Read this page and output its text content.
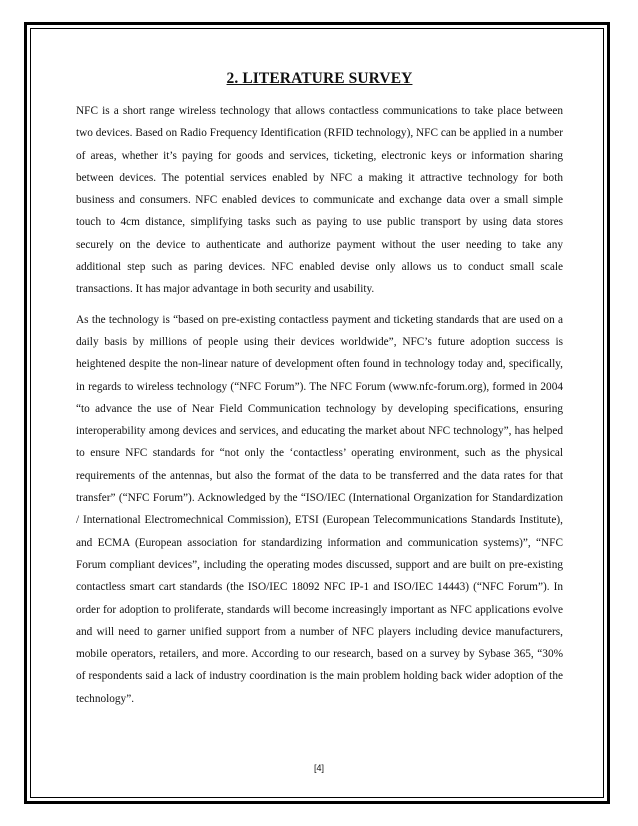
2. LITERATURE SURVEY

NFC is a short range wireless technology that allows contactless communications to take place between two devices. Based on Radio Frequency Identification (RFID technology), NFC can be applied in a number of areas, whether it’s paying for goods and services, ticketing, electronic keys or information sharing between devices. The potential services enabled by NFC a making it attractive technology for both business and consumers. NFC enabled devices to communicate and exchange data over a small simple touch to 4cm distance, simplifying tasks such as paying to use public transport by using data stores securely on the device to authenticate and authorize payment without the user needing to take any additional step such as paring devices. NFC enabled devise only allows us to conduct small scale transactions. It has major advantage in both security and usability.

As the technology is “based on pre-existing contactless payment and ticketing standards that are used on a daily basis by millions of people using their devices worldwide”, NFC’s future adoption success is heightened despite the non-linear nature of development often found in technology today and, specifically, in regards to wireless technology (“NFC Forum”). The NFC Forum (www.nfc-forum.org), formed in 2004 “to advance the use of Near Field Communication technology by developing specifications, ensuring interoperability among devices and services, and educating the market about NFC technology”, has helped to ensure NFC standards for “not only the ‘contactless’ operating environment, such as the physical requirements of the antennas, but also the format of the data to be transferred and the data rates for that transfer” (“NFC Forum”). Acknowledged by the “ISO/IEC (International Organization for Standardization / International Electromechnical Commission), ETSI (European Telecommunications Standards Institute), and ECMA (European association for standardizing information and communication systems)”, “NFC Forum compliant devices”, including the operating modes discussed, support and are built on pre-existing contactless smart cart standards (the ISO/IEC 18092 NFC IP-1 and ISO/IEC 14443) (“NFC Forum”). In order for adoption to proliferate, standards will become increasingly important as NFC applications evolve and will need to garner unified support from a number of NFC players including device manufacturers, mobile operators, retailers, and more. According to our research, based on a survey by Sybase 365, “30% of respondents said a lack of industry coordination is the main problem holding back wider adoption of the technology”.

[4]
